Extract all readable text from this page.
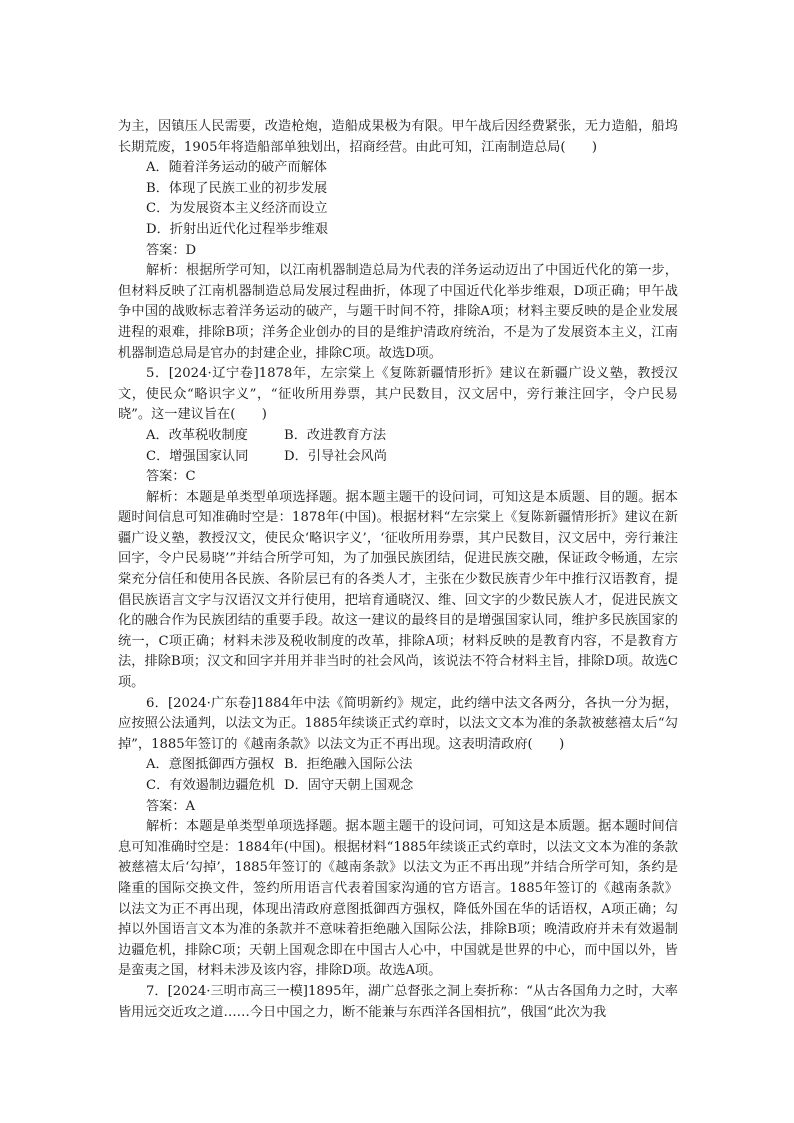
为主，因镇压人民需要，改造枪炮，造船成果极为有限。甲午战后因经费紧张，无力造船，船坞长期荒废，1905年将造船部单独划出，招商经营。由此可知，江南制造总局(　　)

A．随着洋务运动的破产而解体

B．体现了民族工业的初步发展

C．为发展资本主义经济而设立

D．折射出近代化过程举步维艰

答案：D

解析：根据所学可知，以江南机器制造总局为代表的洋务运动迈出了中国近代化的第一步，但材料反映了江南机器制造总局发展过程曲折，体现了中国近代化举步维艰，D项正确；甲午战争中国的战败标志着洋务运动的破产，与题干时间不符，排除A项；材料主要反映的是企业发展进程的艰难，排除B项；洋务企业创办的目的是维护清政府统治，不是为了发展资本主义，江南机器制造总局是官办的封建企业，排除C项。故选D项。

5．[2024·辽宁卷]1878年，左宗棠上《复陈新疆情形折》建议在新疆广设义塾，教授汉文，使民众“略识字义”，“征收所用券票，其户民数目，汉文居中，旁行兼注回字，令户民易晓”。这一建议旨在(　　)

A．改革税收制度	B．改进教育方法

C．增强国家认同	D．引导社会风尚

答案：C

解析：本题是单类型单项选择题。据本题主题干的设问词，可知这是本质题、目的题。据本题时间信息可知准确时空是：1878年(中国)。根据材料“左宗棠上《复陈新疆情形折》建议在新疆广设义塾，教授汉文，使民众‘略识字义’，‘征收所用券票，其户民数目，汉文居中，旁行兼注回字，令户民易晓’”并结合所学可知，为了加强民族团结，促进民族交融，保证政令畅通，左宗棠充分信任和使用各民族、各阶层已有的各类人才，主张在少数民族青少年中推行汉语教育，提倡民族语言文字与汉语汉文并行使用，把培育通晓汉、维、回文字的少数民族人才，促进民族文化的融合作为民族团结的重要手段。故这一建议的最终目的是增强国家认同，维护多民族国家的统一，C项正确；材料未涉及税收制度的改革，排除A项；材料反映的是教育内容，不是教育方法，排除B项；汉文和回字并用并非当时的社会风尚，该说法不符合材料主旨，排除D项。故选C项。

6．[2024·广东卷]1884年中法《简明新约》规定，此约缮中法文各两分，各执一分为据，应按照公法通判，以法文为正。1885年续谈正式约章时，以法文文本为准的条款被慈禧太后“勾掉”，1885年签订的《越南条款》以法文为正不再出现。这表明清政府(　　)

A．意图抵御西方强权 B．拒绝融入国际公法

C．有效遏制边疆危机 D．固守天朝上国观念

答案：A

解析：本题是单类型单项选择题。据本题主题干的设问词，可知这是本质题。据本题时间信息可知准确时空是：1884年(中国)。根据材料“1885年续谈正式约章时，以法文文本为准的条款被慈禧太后‘勾掉’，1885年签订的《越南条款》以法文为正不再出现”并结合所学可知，条约是隆重的国际交换文件，签约所用语言代表着国家沟通的官方语言。1885年签订的《越南条款》以法文为正不再出现，体现出清政府意图抵御西方强权，降低外国在华的话语权，A项正确；勾掉以外国语言文本为准的条款并不意味着拒绝融入国际公法，排除B项；晚清政府并未有效遏制边疆危机，排除C项；天朝上国观念即在中国古人心中，中国就是世界的中心，而中国以外，皆是蛮夷之国，材料未涉及该内容，排除D项。故选A项。

7．[2024·三明市高三一模]1895年，湖广总督张之洞上奏折称：“从古各国角力之时，大率皆用远交近攻之道……今日中国之力，断不能兼与东西洋各国相抗”，俄国“此次为我
